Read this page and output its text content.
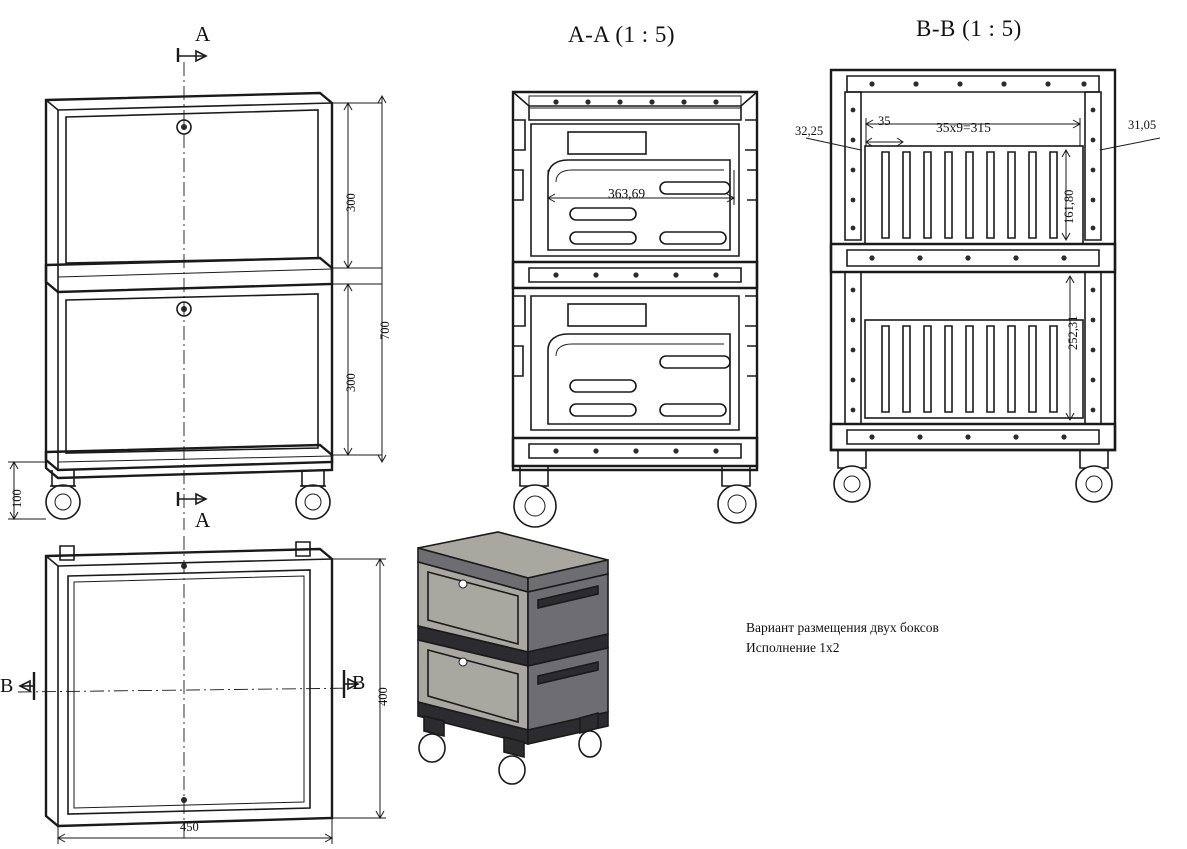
A-A (1 : 5)	B-B (1 : 5)
A
A
B	B
300
300
700
100
400
450
363,69
35x9=315
35
32,25	31,05
161,80
252,31
Вариант размещения двух боксов
Исполнение 1х2
